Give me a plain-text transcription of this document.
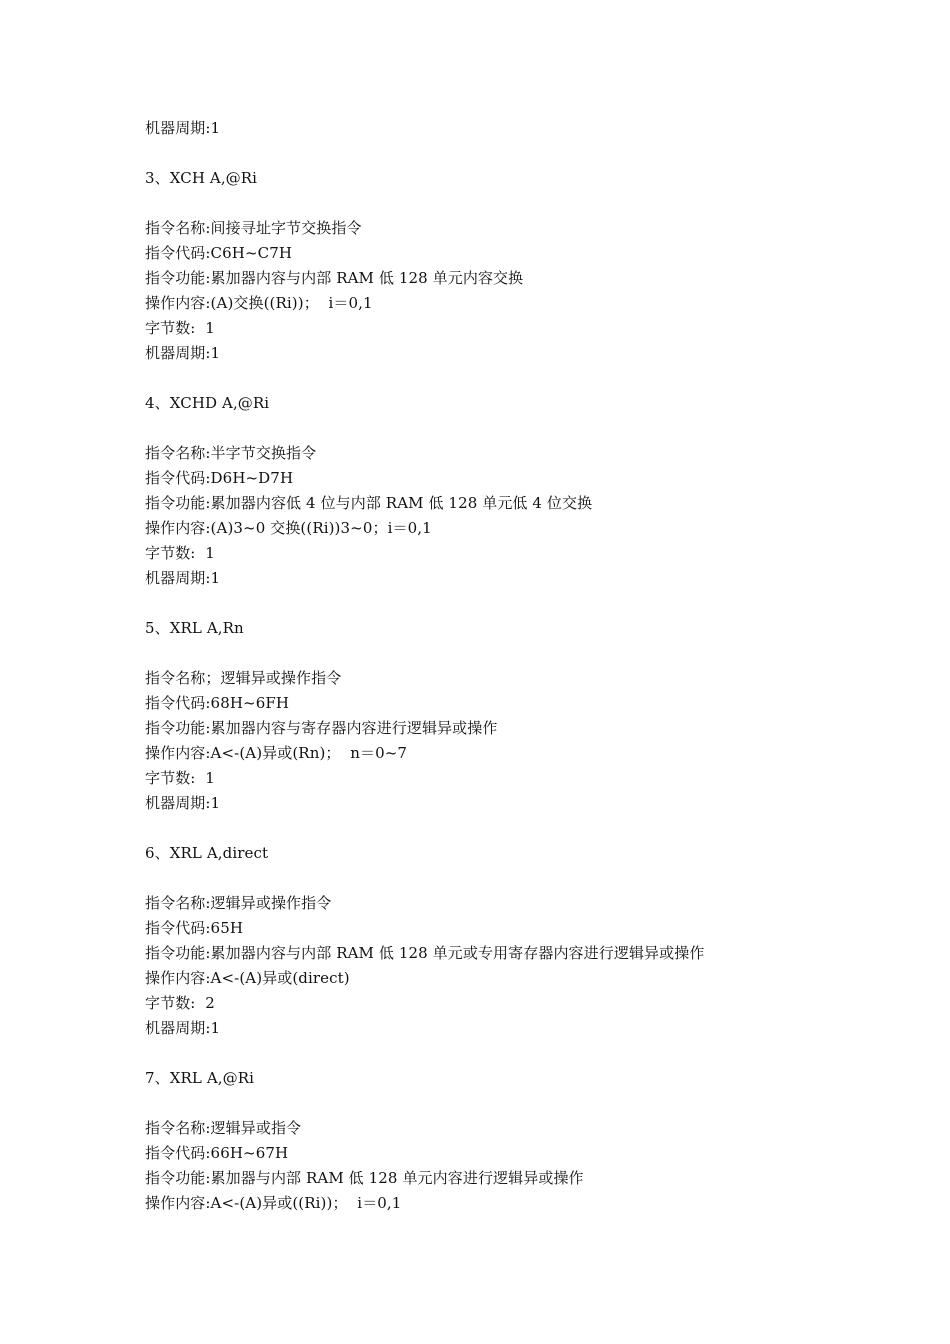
机器周期:1
3、XCH A,@Ri
指令名称:间接寻址字节交换指令
指令代码:C6H~C7H
指令功能:累加器内容与内部 RAM 低 128 单元内容交换
操作内容:(A)交换((Ri))；  i＝0,1
字节数:  1
机器周期:1
4、XCHD A,@Ri
指令名称:半字节交换指令
指令代码:D6H~D7H
指令功能:累加器内容低 4 位与内部 RAM 低 128 单元低 4 位交换
操作内容:(A)3~0 交换((Ri))3~0；i＝0,1
字节数:  1
机器周期:1
5、XRL A,Rn
指令名称；逻辑异或操作指令
指令代码:68H~6FH
指令功能:累加器内容与寄存器内容进行逻辑异或操作
操作内容:A<-(A)异或(Rn)；  n＝0~7
字节数:  1
机器周期:1
6、XRL A,direct
指令名称:逻辑异或操作指令
指令代码:65H
指令功能:累加器内容与内部 RAM 低 128 单元或专用寄存器内容进行逻辑异或操作
操作内容:A<-(A)异或(direct)
字节数:  2
机器周期:1
7、XRL A,@Ri
指令名称:逻辑异或指令
指令代码:66H~67H
指令功能:累加器与内部 RAM 低 128 单元内容进行逻辑异或操作
操作内容:A<-(A)异或((Ri))；  i＝0,1
